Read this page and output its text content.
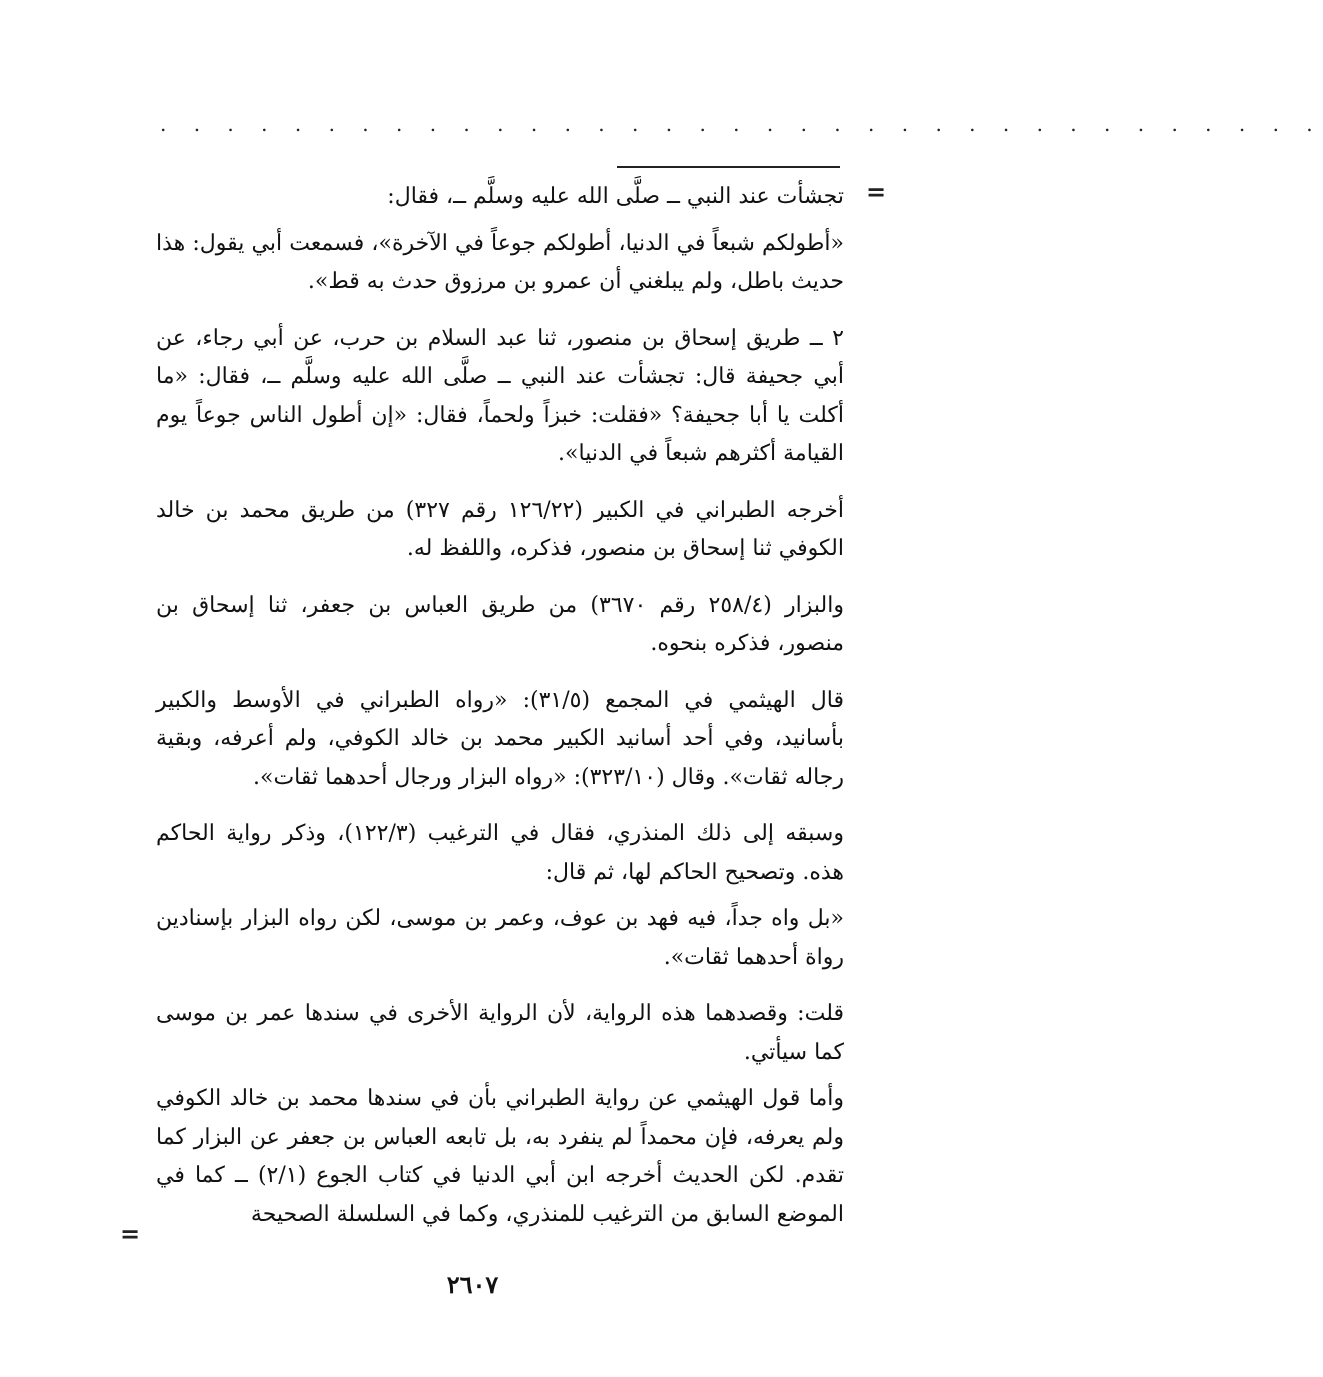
. . . . . . . . . . . . . . . . . . . . . . . . . . . . . . . . . . .
=
=

تجشأت عند النبي ــ صلَّى الله عليه وسلَّم ــ، فقال:

«أطولكم شبعاً في الدنيا، أطولكم جوعاً في الآخرة»، فسمعت أبي يقول: هذا حديث باطل، ولم يبلغني أن عمرو بن مرزوق حدث به قط».

٢ ــ طريق إسحاق بن منصور، ثنا عبد السلام بن حرب، عن أبي رجاء، عن أبي جحيفة قال: تجشأت عند النبي ــ صلَّى الله عليه وسلَّم ــ، فقال: «ما أكلت يا أبا جحيفة؟ «فقلت: خبزاً ولحماً، فقال: «إن أطول الناس جوعاً يوم القيامة أكثرهم شبعاً في الدنيا».

أخرجه الطبراني في الكبير (١٢٦/٢٢ رقم ٣٢٧) من طريق محمد بن خالد الكوفي ثنا إسحاق بن منصور، فذكره، واللفظ له.

والبزار (٢٥٨/٤ رقم ٣٦٧٠) من طريق العباس بن جعفر، ثنا إسحاق بن منصور، فذكره بنحوه.

قال الهيثمي في المجمع (٣١/٥): «رواه الطبراني في الأوسط والكبير بأسانيد، وفي أحد أسانيد الكبير محمد بن خالد الكوفي، ولم أعرفه، وبقية رجاله ثقات». وقال (٣٢٣/١٠): «رواه البزار ورجال أحدهما ثقات».

وسبقه إلى ذلك المنذري، فقال في الترغيب (١٢٢/٣)، وذكر رواية الحاكم هذه. وتصحيح الحاكم لها، ثم قال:

«بل واه جداً، فيه فهد بن عوف، وعمر بن موسى، لكن رواه البزار بإسنادين رواة أحدهما ثقات».

قلت: وقصدهما هذه الرواية، لأن الرواية الأخرى في سندها عمر بن موسى كما سيأتي.

وأما قول الهيثمي عن رواية الطبراني بأن في سندها محمد بن خالد الكوفي ولم يعرفه، فإن محمداً لم ينفرد به، بل تابعه العباس بن جعفر عن البزار كما تقدم. لكن الحديث أخرجه ابن أبي الدنيا في كتاب الجوع (٢/١) ــ كما في الموضع السابق من الترغيب للمنذري، وكما في السلسلة الصحيحة

٢٦٠٧
